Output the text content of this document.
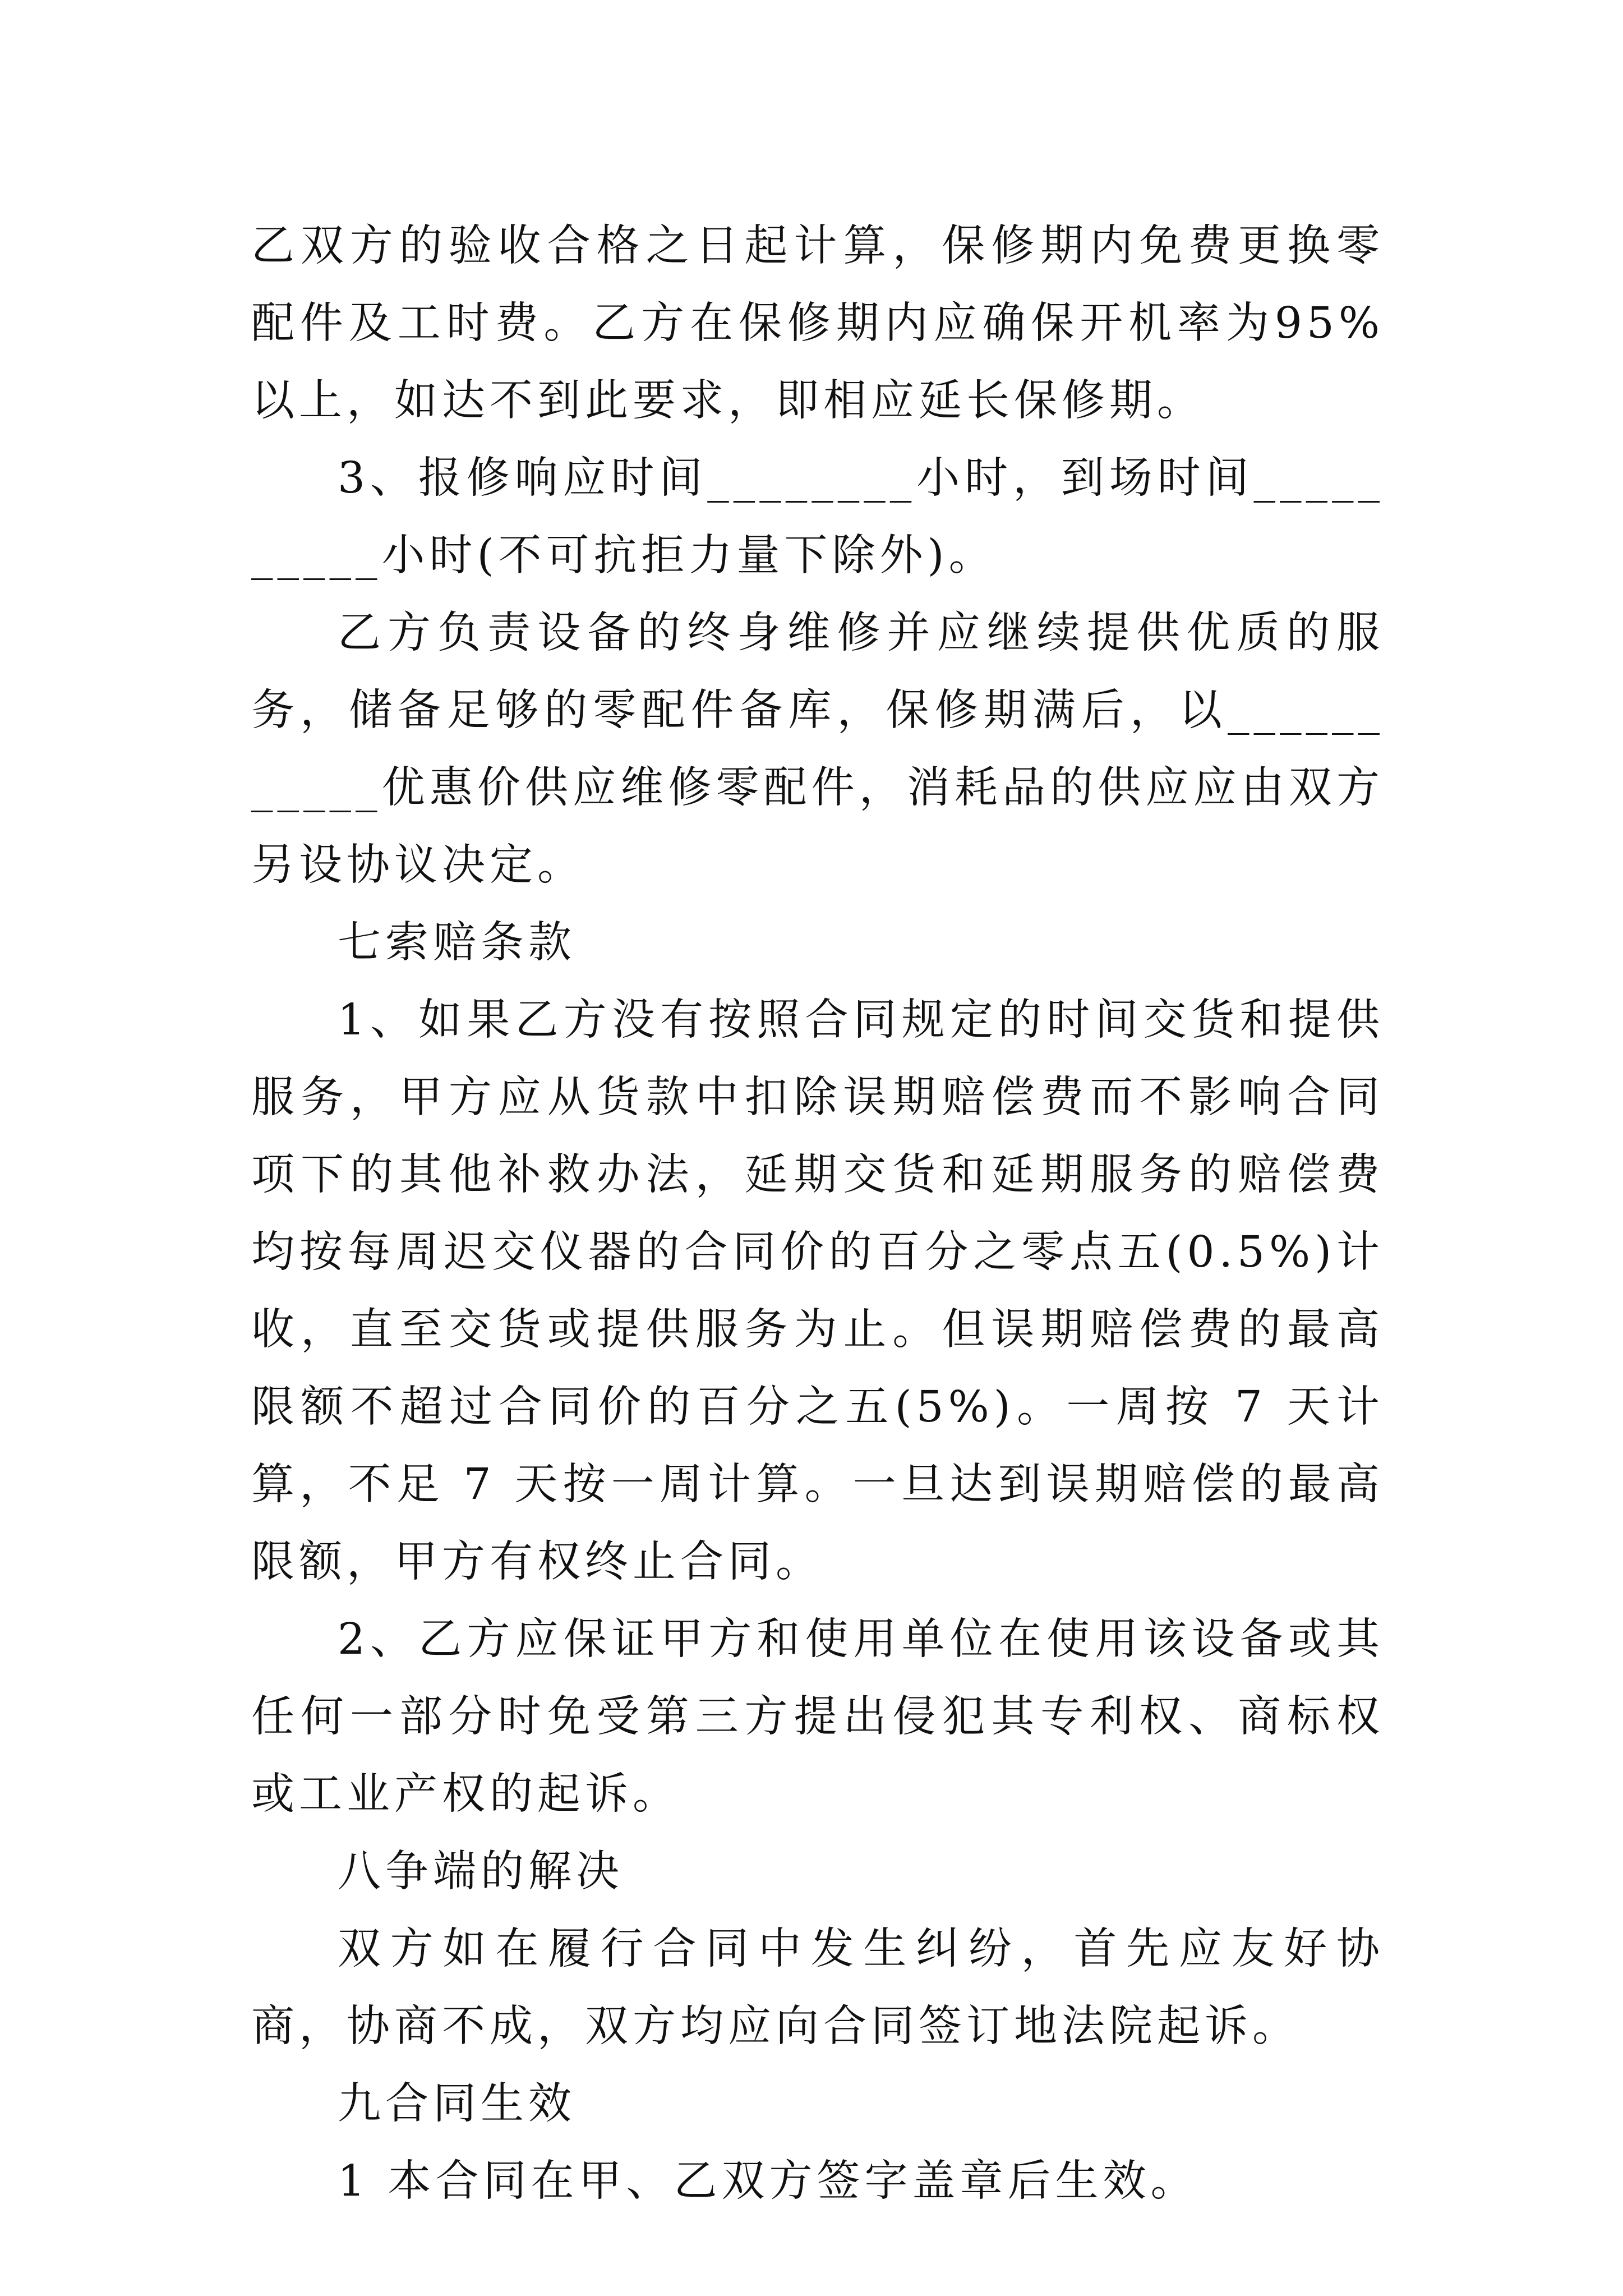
乙双方的验收合格之日起计算，保修期内免费更换零配件及工时费。乙方在保修期内应确保开机率为95%以上，如达不到此要求，即相应延长保修期。

3、报修响应时间________小时，到场时间__________小时(不可抗拒力量下除外)。

乙方负责设备的终身维修并应继续提供优质的服务，储备足够的零配件备库，保修期满后，以___________优惠价供应维修零配件，消耗品的供应应由双方另设协议决定。

七索赔条款

1、如果乙方没有按照合同规定的时间交货和提供服务，甲方应从货款中扣除误期赔偿费而不影响合同项下的其他补救办法，延期交货和延期服务的赔偿费均按每周迟交仪器的合同价的百分之零点五(0.5%)计收，直至交货或提供服务为止。但误期赔偿费的最高限额不超过合同价的百分之五(5%)。一周按 7 天计算，不足 7 天按一周计算。一旦达到误期赔偿的最高限额，甲方有权终止合同。

2、乙方应保证甲方和使用单位在使用该设备或其任何一部分时免受第三方提出侵犯其专利权、商标权或工业产权的起诉。

八争端的解决

双方如在履行合同中发生纠纷，首先应友好协商，协商不成，双方均应向合同签订地法院起诉。

九合同生效

1 本合同在甲、乙双方签字盖章后生效。
